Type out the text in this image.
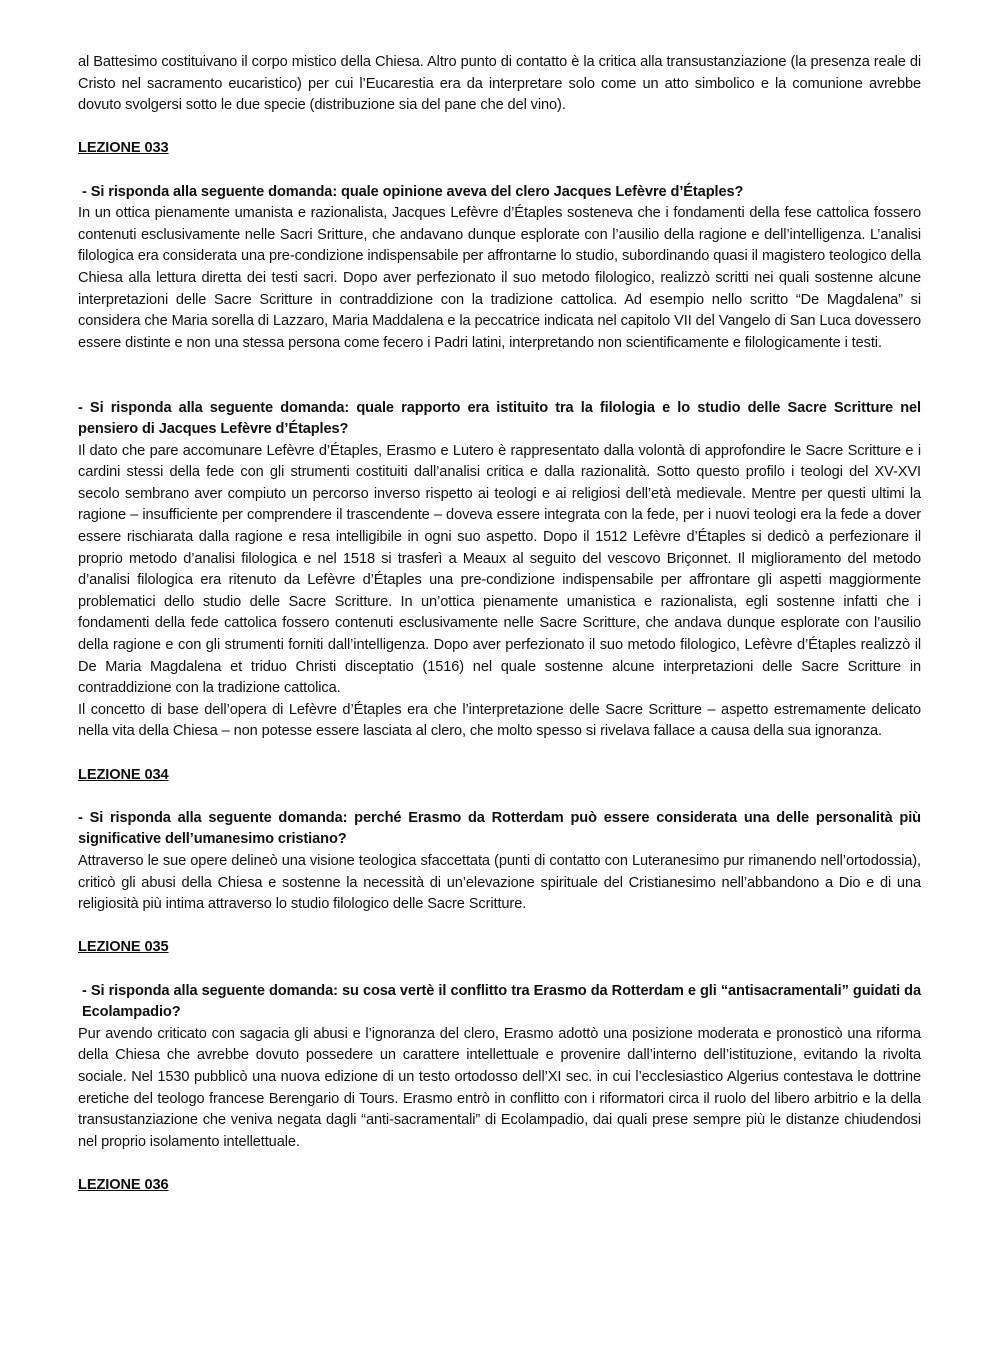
al Battesimo costituivano il corpo mistico della Chiesa. Altro punto di contatto è la critica alla transustanziazione (la presenza reale di Cristo nel sacramento eucaristico) per cui l’Eucarestia era da interpretare solo come un atto simbolico e la comunione avrebbe dovuto svolgersi sotto le due specie (distribuzione sia del pane che del vino).

LEZIONE 033

- Si risponda alla seguente domanda: quale opinione aveva del clero Jacques Lefèvre d’Étaples?

In un ottica pienamente umanista e razionalista, Jacques Lefèvre d’Étaples sosteneva che i fondamenti della fese cattolica fossero contenuti esclusivamente nelle Sacri Sritture, che andavano dunque esplorate con l’ausilio della ragione e dell’intelligenza. L’analisi filologica era considerata una pre-condizione indispensabile per affrontarne lo studio, subordinando quasi il magistero teologico della Chiesa alla lettura diretta dei testi sacri. Dopo aver perfezionato il suo metodo filologico, realizzò scritti nei quali sostenne alcune interpretazioni delle Sacre Scritture in contraddizione con la tradizione cattolica. Ad esempio nello scritto “De Magdalena” si considera che Maria sorella di Lazzaro, Maria Maddalena e la peccatrice indicata nel capitolo VII del Vangelo di San Luca dovessero essere distinte e non una stessa persona come fecero i Padri latini, interpretando non scientificamente e filologicamente i testi.

- Si risponda alla seguente domanda: quale rapporto era istituito tra la filologia e lo studio delle Sacre Scritture nel pensiero di Jacques Lefèvre d’Étaples?

Il dato che pare accomunare Lefèvre d’Étaples, Erasmo e Lutero è rappresentato dalla volontà di approfondire le Sacre Scritture e i cardini stessi della fede con gli strumenti costituiti dall’analisi critica e dalla razionalità. Sotto questo profilo i teologi del XV-XVI secolo sembrano aver compiuto un percorso inverso rispetto ai teologi e ai religiosi dell’età medievale. Mentre per questi ultimi la ragione – insufficiente per comprendere il trascendente – doveva essere integrata con la fede, per i nuovi teologi era la fede a dover essere rischiarata dalla ragione e resa intelligibile in ogni suo aspetto. Dopo il 1512 Lefèvre d’Étaples si dedicò a perfezionare il proprio metodo d’analisi filologica e nel 1518 si trasferì a Meaux al seguito del vescovo Briçonnet. Il miglioramento del metodo d’analisi filologica era ritenuto da Lefèvre d’Étaples una pre-condizione indispensabile per affrontare gli aspetti maggiormente problematici dello studio delle Sacre Scritture. In un’ottica pienamente umanistica e razionalista, egli sostenne infatti che i fondamenti della fede cattolica fossero contenuti esclusivamente nelle Sacre Scritture, che andava dunque esplorate con l’ausilio della ragione e con gli strumenti forniti dall’intelligenza. Dopo aver perfezionato il suo metodo filologico, Lefèvre d’Étaples realizzò il De Maria Magdalena et triduo Christi disceptatio (1516) nel quale sostenne alcune interpretazioni delle Sacre Scritture in contraddizione con la tradizione cattolica.

Il concetto di base dell’opera di Lefèvre d’Étaples era che l’interpretazione delle Sacre Scritture – aspetto estremamente delicato nella vita della Chiesa – non potesse essere lasciata al clero, che molto spesso si rivelava fallace a causa della sua ignoranza.

LEZIONE 034

- Si risponda alla seguente domanda: perché Erasmo da Rotterdam può essere considerata una delle personalità più significative dell’umanesimo cristiano?

Attraverso le sue opere delineò una visione teologica sfaccettata (punti di contatto con Luteranesimo pur rimanendo nell’ortodossia), criticò gli abusi della Chiesa e sostenne la necessità di un’elevazione spirituale del Cristianesimo nell’abbandono a Dio e di una religiosità più intima attraverso lo studio filologico delle Sacre Scritture.

LEZIONE 035

- Si risponda alla seguente domanda: su cosa vertè il conflitto tra Erasmo da Rotterdam e gli “antisacramentali” guidati da Ecolampadio?

Pur avendo criticato con sagacia gli abusi e l’ignoranza del clero, Erasmo adottò una posizione moderata e pronosticò una riforma della Chiesa che avrebbe dovuto possedere un carattere intellettuale e provenire dall’interno dell’istituzione, evitando la rivolta sociale. Nel 1530 pubblicò una nuova edizione di un testo ortodosso dell’XI sec. in cui l’ecclesiastico Algerius contestava le dottrine eretiche del teologo francese Berengario di Tours. Erasmo entrò in conflitto con i riformatori circa il ruolo del libero arbitrio e la della transustanziazione che veniva negata dagli “anti-sacramentali” di Ecolampadio, dai quali prese sempre più le distanze chiudendosi nel proprio isolamento intellettuale.

LEZIONE 036
